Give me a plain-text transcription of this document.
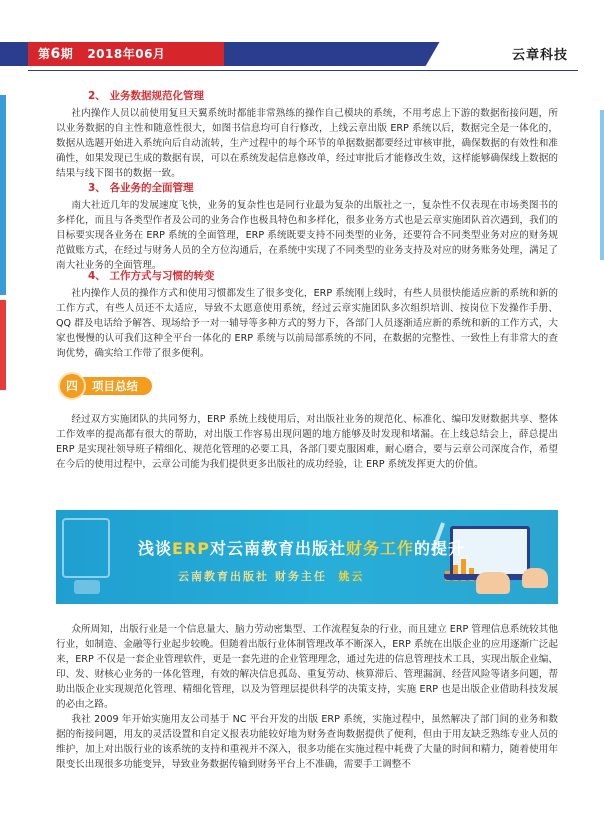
第6期 2018年06月	云章科技
2、 业务数据规范化管理

社内操作人员以前使用复旦天翼系统时都能非常熟练的操作自己模块的系统，不用考虑上下游的数据衔接问题，所以业务数据的自主性和随意性很大，如图书信息均可自行修改，上线云章出版 ERP 系统以后，数据完全是一体化的，数据从选题开始进入系统向后自动流转，生产过程中的每个环节的单据数据都要经过审核审批，确保数据的有效性和准确性，如果发现已生成的数据有误，可以在系统发起信息修改单，经过审批后才能修改生效，这样能够确保线上数据的结果与线下图书的数据一致。

3、 各业务的全面管理

南大社近几年的发展速度飞快，业务的复杂性也是同行业最为复杂的出版社之一，复杂性不仅表现在市场类图书的多样化，而且与各类型作者及公司的业务合作也极具特色和多样化，很多业务方式也是云章实施团队首次遇到，我们的目标要实现各业务在 ERP 系统的全面管理，ERP 系统既要支持不同类型的业务，还要符合不同类型业务对应的财务规范做账方式，在经过与财务人员的全方位沟通后，在系统中实现了不同类型的业务支持及对应的财务账务处理，满足了南大社业务的全面管理。

4、 工作方式与习惯的转变

社内操作人员的操作方式和使用习惯都发生了很多变化，ERP 系统刚上线时，有些人员很快能适应新的系统和新的工作方式，有些人员还不太适应，导致不太愿意使用系统，经过云章实施团队多次组织培训、按岗位下发操作手册、QQ 群及电话给予解答、现场给予一对一辅导等多种方式的努力下，各部门人员逐渐适应新的系统和新的工作方式，大家也慢慢的认可我们这种全平台一体化的 ERP 系统与以前局部系统的不同，在数据的完整性、一致性上有非常大的查询优势，确实给工作带了很多便利。

四	项目总结

经过双方实施团队的共同努力，ERP 系统上线使用后，对出版社业务的规范化、标准化、编印发财数据共享、整体工作效率的提高都有很大的帮助，对出版工作容易出现问题的地方能够及时发现和堵漏。在上线总结会上，薛总提出 ERP 是实现社领导班子精细化、规范化管理的必要工具，各部门要克服困难，耐心磨合，要与云章公司深度合作，希望在今后的使用过程中，云章公司能为我们提供更多出版社的成功经验，让 ERP 系统发挥更大的价值。

浅谈ERP对云南教育出版社财务工作的提升
云南教育出版社 财务主任 姚云

众所周知，出版行业是一个信息量大、脑力劳动密集型、工作流程复杂的行业，而且建立 ERP 管理信息系统较其他行业，如制造、金融等行业起步较晚。但随着出版行业体制管理改革不断深入，ERP 系统在出版企业的应用逐渐广泛起来，ERP 不仅是一套企业管理软件，更是一套先进的企业管理理念，通过先进的信息管理技术工具，实现出版企业编、印、发、财核心业务的一体化管理，有效的解决信息孤岛、重复劳动、核算滞后、管理漏洞、经营风险等诸多问题，帮助出版企业实现规范化管理、精细化管理，以及为管理层提供科学的决策支持，实施 ERP 也是出版企业借助科技发展的必由之路。

我社 2009 年开始实施用友公司基于 NC 平台开发的出版 ERP 系统，实施过程中，虽然解决了部门间的业务和数据的衔接问题，用友的灵活设置和自定义报表功能较好地为财务查询数据提供了便利，但由于用友缺乏熟练专业人员的维护，加上对出版行业的该系统的支持和重视并不深入，很多功能在实施过程中耗费了大量的时间和精力，随着使用年限变长出现很多功能变异，导致业务数据传输到财务平台上不准确，需要手工调整不
